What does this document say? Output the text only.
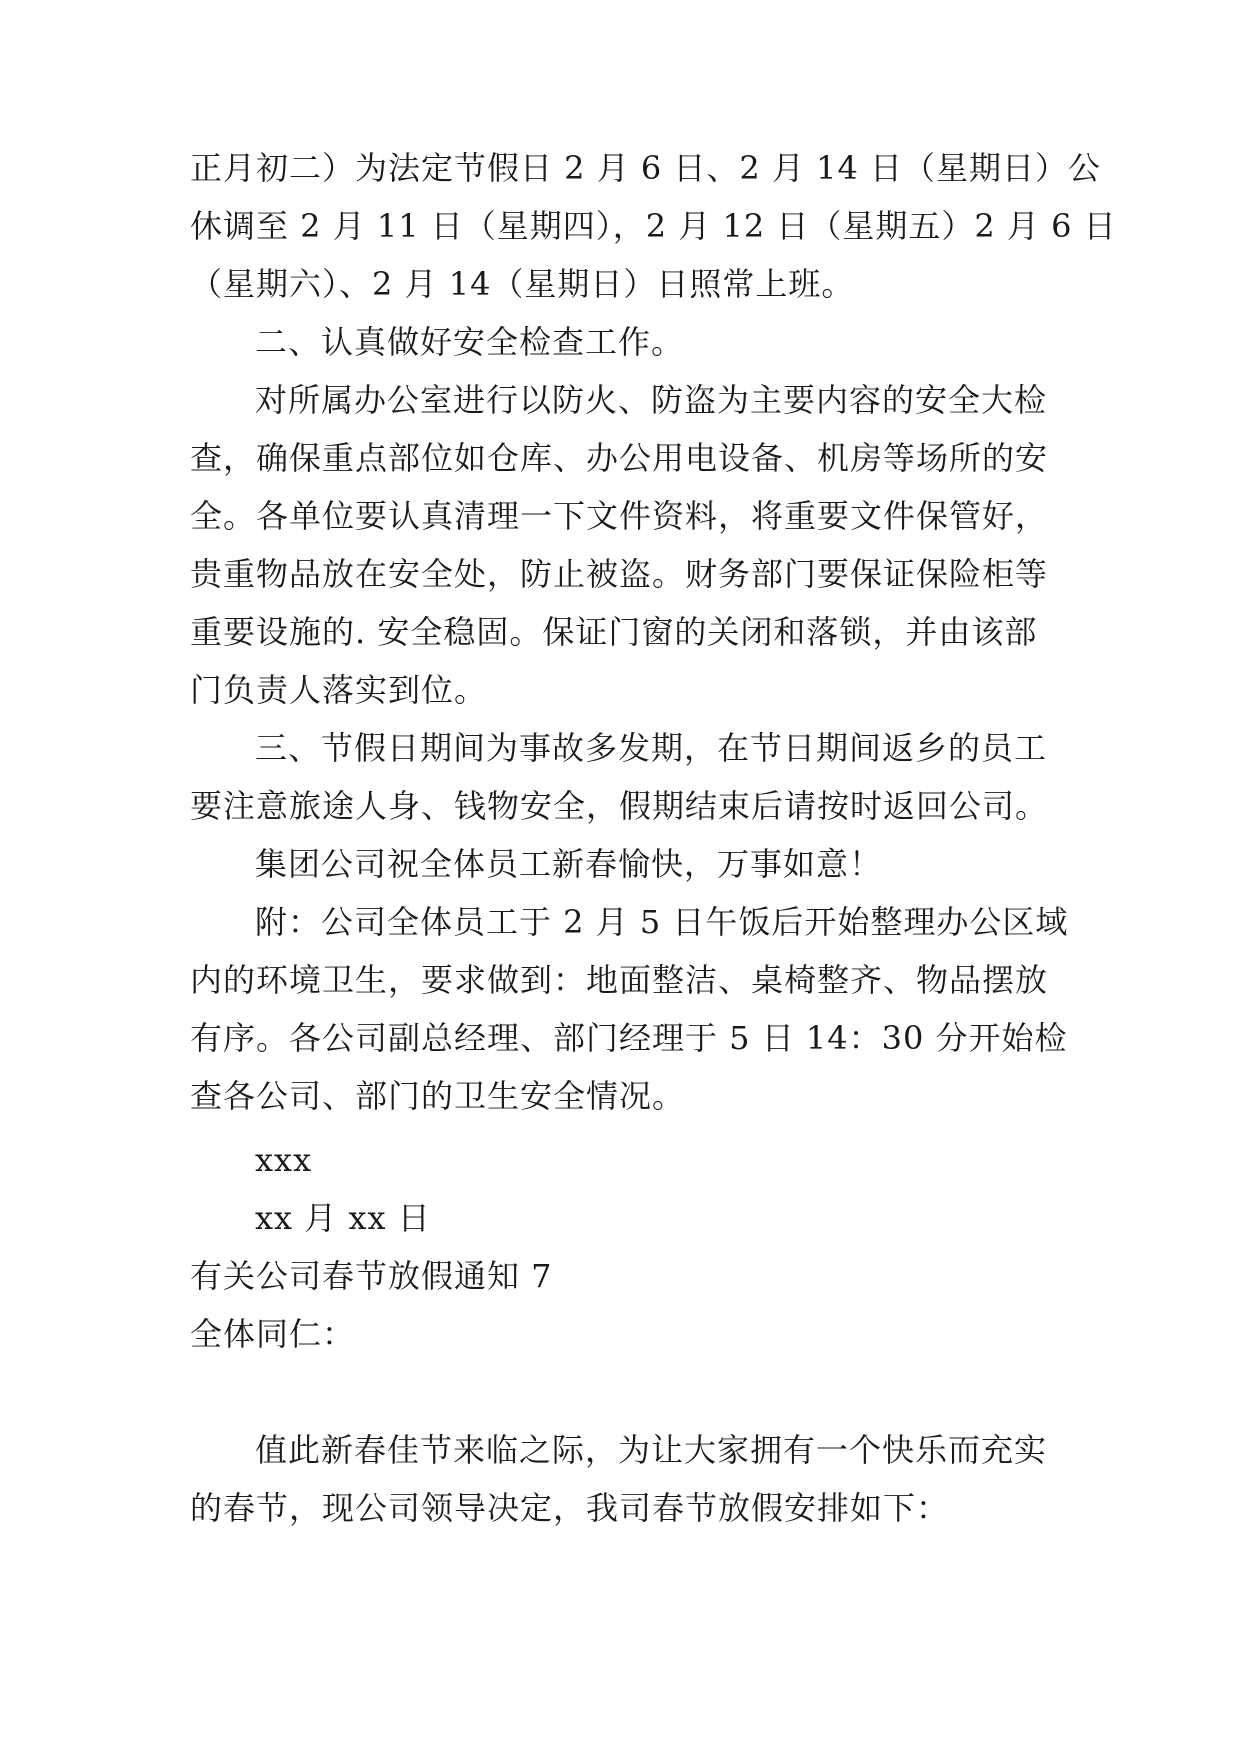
正月初二）为法定节假日 2 月 6 日、2 月 14 日（星期日）公
休调至 2 月 11 日（星期四），2 月 12 日（星期五）2 月 6 日
（星期六）、2 月 14（星期日）日照常上班。
二、认真做好安全检查工作。
对所属办公室进行以防火、防盗为主要内容的安全大检
查，确保重点部位如仓库、办公用电设备、机房等场所的安
全。各单位要认真清理一下文件资料，将重要文件保管好，
贵重物品放在安全处，防止被盗。财务部门要保证保险柜等
重要设施的. 安全稳固。保证门窗的关闭和落锁，并由该部
门负责人落实到位。
三、节假日期间为事故多发期，在节日期间返乡的员工
要注意旅途人身、钱物安全，假期结束后请按时返回公司。
集团公司祝全体员工新春愉快，万事如意！
附：公司全体员工于 2 月 5 日午饭后开始整理办公区域
内的环境卫生，要求做到：地面整洁、桌椅整齐、物品摆放
有序。各公司副总经理、部门经理于 5 日 14：30 分开始检
查各公司、部门的卫生安全情况。
xxx
xx 月 xx 日
有关公司春节放假通知 7
全体同仁：
值此新春佳节来临之际，为让大家拥有一个快乐而充实
的春节，现公司领导决定，我司春节放假安排如下：
